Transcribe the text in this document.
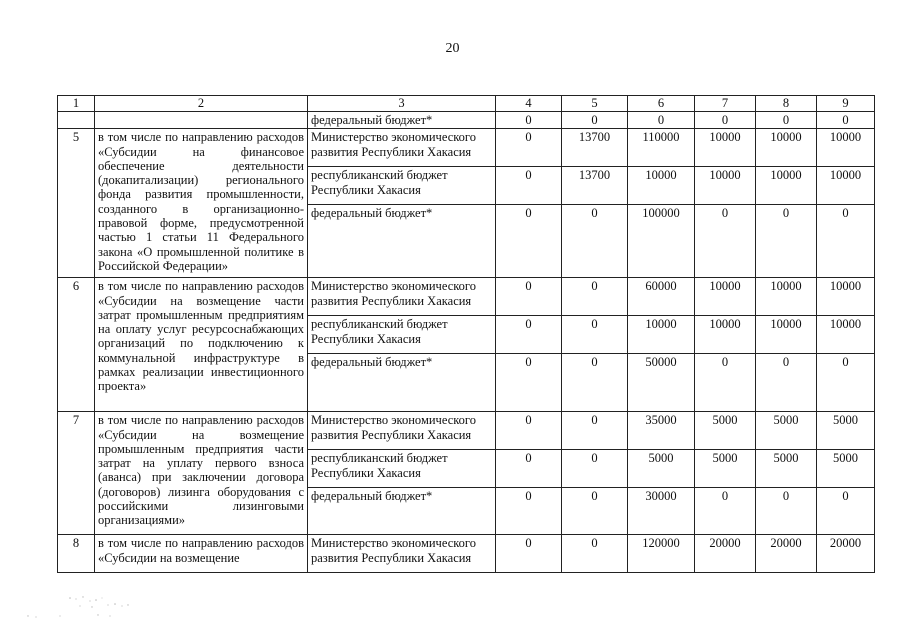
20
1	2	3	4	5	6	7	8	9
		федеральный бюджет*	0	0	0	0	0	0
5	в том числе по направлению расходов «Субсидии на финансовое обеспечение деятельности (докапитализации) регионального фонда развития промышленности, созданного в организационно-правовой форме, предусмотренной частью 1 статьи 11 Федерального закона «О промышленной политике в Российской Федерации»	Министерство экономического развития Республики Хакасия	0	13700	110000	10000	10000	10000
		республиканский бюджет Республики Хакасия	0	13700	10000	10000	10000	10000
		федеральный бюджет*	0	0	100000	0	0	0
6	в том числе по направлению расходов «Субсидии на возмещение части затрат промышленным предприятиям на оплату услуг ресурсоснабжающих организаций по подключению к коммунальной инфраструктуре в рамках реализации инвестиционного проекта»	Министерство экономического развития Республики Хакасия	0	0	60000	10000	10000	10000
		республиканский бюджет Республики Хакасия	0	0	10000	10000	10000	10000
		федеральный бюджет*	0	0	50000	0	0	0
7	в том числе по направлению расходов «Субсидии на возмещение промышленным предприятия части затрат на уплату первого взноса (аванса) при заключении договора (договоров) лизинга оборудования с российскими лизинговыми организациями»	Министерство экономического развития Республики Хакасия	0	0	35000	5000	5000	5000
		республиканский бюджет Республики Хакасия	0	0	5000	5000	5000	5000
		федеральный бюджет*	0	0	30000	0	0	0
8	в том числе по направлению расходов «Субсидии на возмещение	Министерство экономического развития Республики Хакасия	0	0	120000	20000	20000	20000
